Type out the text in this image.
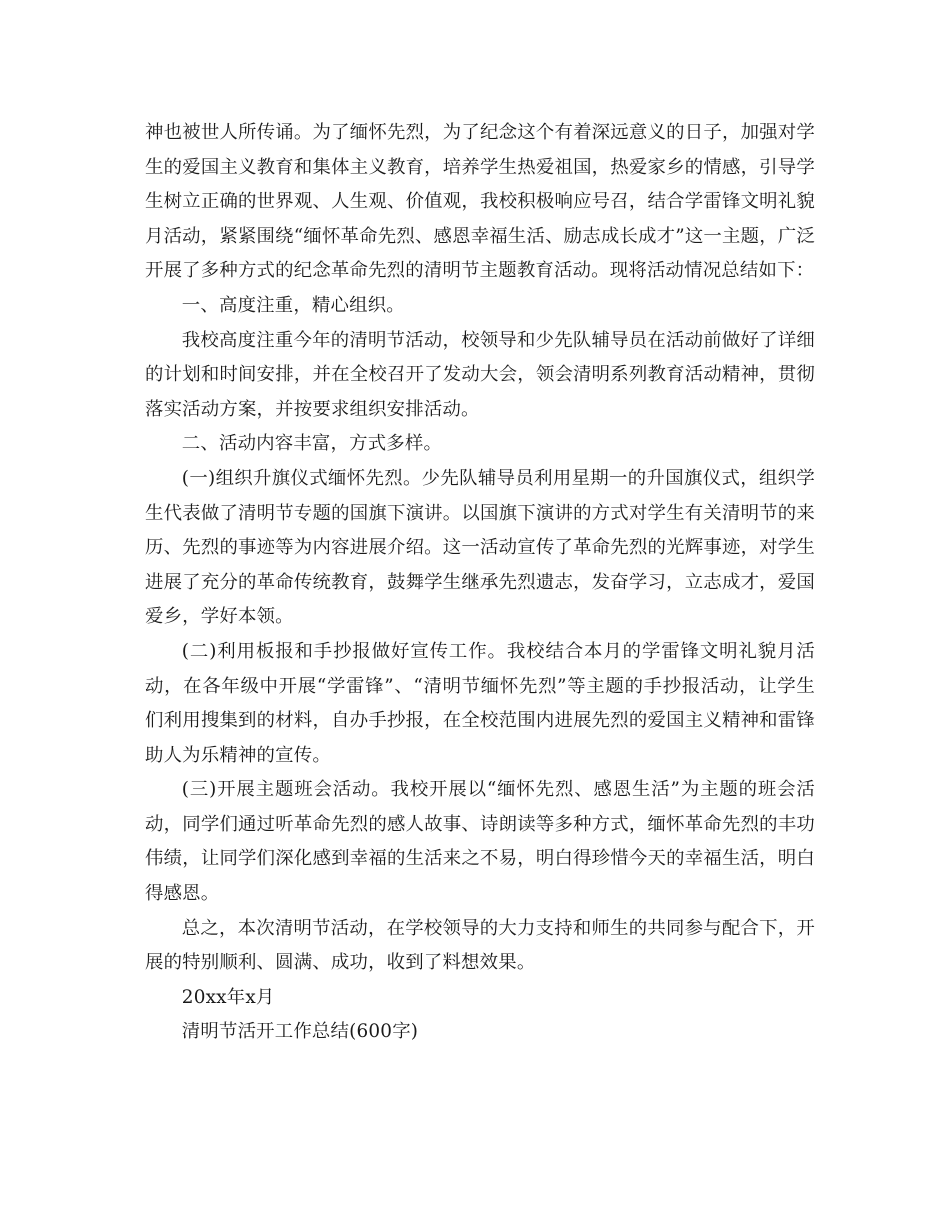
神也被世人所传诵。为了缅怀先烈，为了纪念这个有着深远意义的日子，加强对学生的爱国主义教育和集体主义教育，培养学生热爱祖国，热爱家乡的情感，引导学生树立正确的世界观、人生观、价值观，我校积极响应号召，结合学雷锋文明礼貌月活动，紧紧围绕“缅怀革命先烈、感恩幸福生活、励志成长成才”这一主题，广泛开展了多种方式的纪念革命先烈的清明节主题教育活动。现将活动情况总结如下：

一、高度注重，精心组织。

我校高度注重今年的清明节活动，校领导和少先队辅导员在活动前做好了详细的计划和时间安排，并在全校召开了发动大会，领会清明系列教育活动精神，贯彻落实活动方案，并按要求组织安排活动。

二、活动内容丰富，方式多样。

(一)组织升旗仪式缅怀先烈。少先队辅导员利用星期一的升国旗仪式，组织学生代表做了清明节专题的国旗下演讲。以国旗下演讲的方式对学生有关清明节的来历、先烈的事迹等为内容进展介绍。这一活动宣传了革命先烈的光辉事迹，对学生进展了充分的革命传统教育，鼓舞学生继承先烈遗志，发奋学习，立志成才，爱国爱乡，学好本领。

(二)利用板报和手抄报做好宣传工作。我校结合本月的学雷锋文明礼貌月活动，在各年级中开展“学雷锋”、“清明节缅怀先烈”等主题的手抄报活动，让学生们利用搜集到的材料，自办手抄报，在全校范围内进展先烈的爱国主义精神和雷锋助人为乐精神的宣传。

(三)开展主题班会活动。我校开展以“缅怀先烈、感恩生活”为主题的班会活动，同学们通过听革命先烈的感人故事、诗朗读等多种方式，缅怀革命先烈的丰功伟绩，让同学们深化感到幸福的生活来之不易，明白得珍惜今天的幸福生活，明白得感恩。

总之，本次清明节活动，在学校领导的大力支持和师生的共同参与配合下，开展的特别顺利、圆满、成功，收到了料想效果。

20xx年x月

清明节活开工作总结(600字)
